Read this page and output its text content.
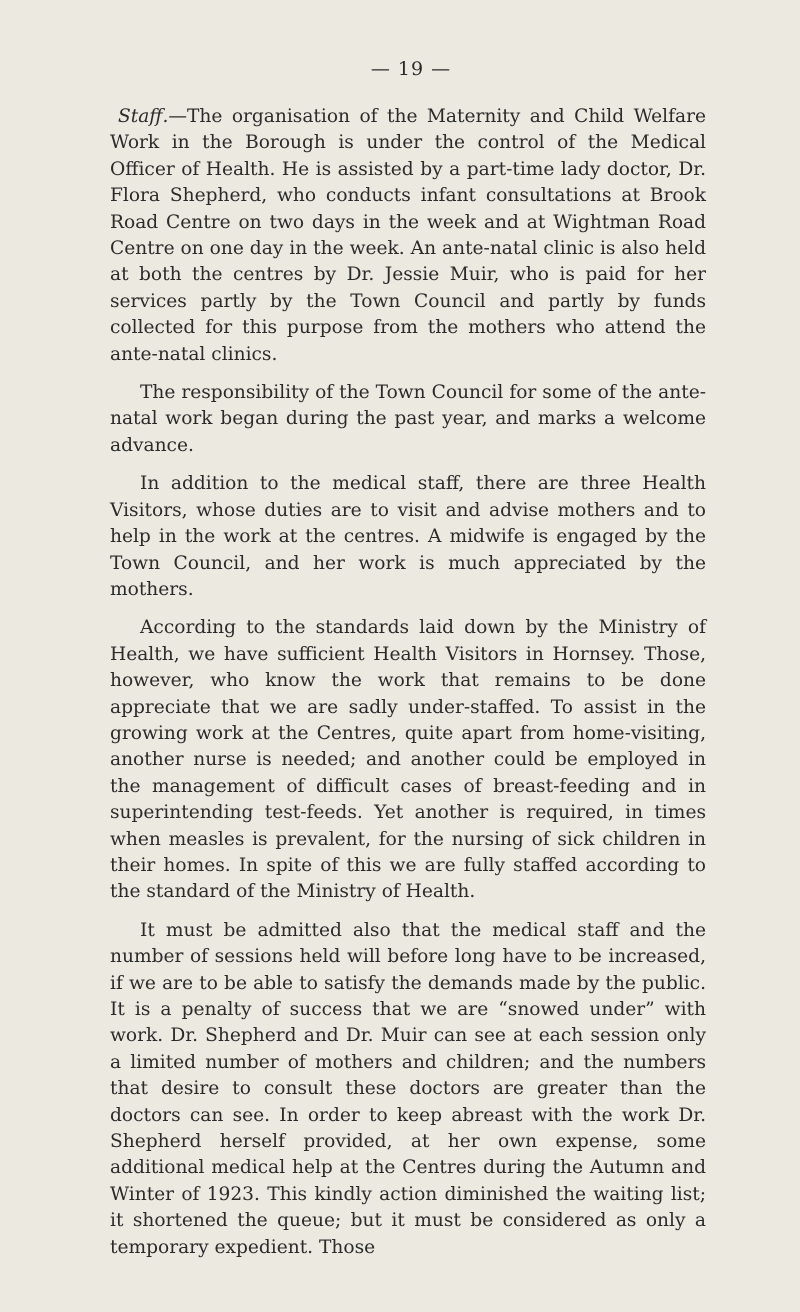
— 19 —

Staff.—The organisation of the Maternity and Child Welfare Work in the Borough is under the control of the Medical Officer of Health. He is assisted by a part-time lady doctor, Dr. Flora Shepherd, who conducts infant consultations at Brook Road Centre on two days in the week and at Wightman Road Centre on one day in the week. An ante-natal clinic is also held at both the centres by Dr. Jessie Muir, who is paid for her services partly by the Town Council and partly by funds collected for this purpose from the mothers who attend the ante-natal clinics.

The responsibility of the Town Council for some of the ante-natal work began during the past year, and marks a welcome advance.

In addition to the medical staff, there are three Health Visitors, whose duties are to visit and advise mothers and to help in the work at the centres. A midwife is engaged by the Town Council, and her work is much appreciated by the mothers.

According to the standards laid down by the Ministry of Health, we have sufficient Health Visitors in Hornsey. Those, however, who know the work that remains to be done appreciate that we are sadly under-staffed. To assist in the growing work at the Centres, quite apart from home-visiting, another nurse is needed; and another could be employed in the management of difficult cases of breast-feeding and in superintending test-feeds. Yet another is required, in times when measles is prevalent, for the nursing of sick children in their homes. In spite of this we are fully staffed according to the standard of the Ministry of Health.

It must be admitted also that the medical staff and the number of sessions held will before long have to be increased, if we are to be able to satisfy the demands made by the public. It is a penalty of success that we are “snowed under” with work. Dr. Shepherd and Dr. Muir can see at each session only a limited number of mothers and children; and the numbers that desire to consult these doctors are greater than the doctors can see. In order to keep abreast with the work Dr. Shepherd herself provided, at her own expense, some additional medical help at the Centres during the Autumn and Winter of 1923. This kindly action diminished the waiting list; it shortened the queue; but it must be considered as only a temporary expedient. Those
